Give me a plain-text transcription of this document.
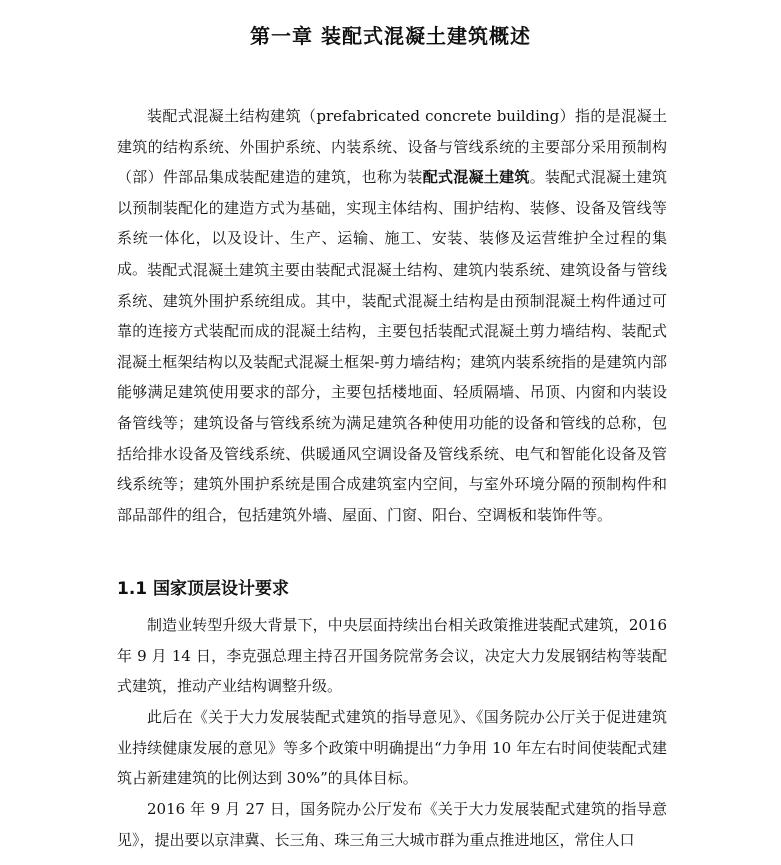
第一章 装配式混凝土建筑概述

装配式混凝土结构建筑（prefabricated concrete building）指的是混凝土建筑的结构系统、外围护系统、内装系统、设备与管线系统的主要部分采用预制构（部）件部品集成装配建造的建筑，也称为装配式混凝土建筑。装配式混凝土建筑以预制装配化的建造方式为基础，实现主体结构、围护结构、装修、设备及管线等系统一体化，以及设计、生产、运输、施工、安装、装修及运营维护全过程的集成。 装配式混凝土建筑主要由装配式混凝土结构、建筑内装系统、建筑设备与管线系统、建筑外围护系统组成。其中，装配式混凝土结构是由预制混凝土构件通过可靠的连接方式装配而成的混凝土结构，主要包括装配式混凝土剪力墙结构、装配式混凝土框架结构以及装配式混凝土框架-剪力墙结构；建筑内装系统指的是建筑内部能够满足建筑使用要求的部分，主要包括楼地面、轻质隔墙、吊顶、内窗和内装设备管线等；建筑设备与管线系统为满足建筑各种使用功能的设备和管线的总称，包括给排水设备及管线系统、供暖通风空调设备及管线系统、电气和智能化设备及管线系统等；建筑外围护系统是围合成建筑室内空间，与室外环境分隔的预制构件和部品部件的组合，包括建筑外墙、屋面、门窗、阳台、空调板和装饰件等。

1.1 国家顶层设计要求

制造业转型升级大背景下，中央层面持续出台相关政策推进装配式建筑，2016 年 9 月 14 日，李克强总理主持召开国务院常务会议，决定大力发展钢结构等装配式建筑，推动产业结构调整升级。

此后在《关于大力发展装配式建筑的指导意见》、《国务院办公厅关于促进建筑业持续健康发展的意见》等多个政策中明确提出“力争用 10 年左右时间使装配式建筑占新建建筑的比例达到 30%”的具体目标。

2016 年 9 月 27 日，国务院办公厅发布《关于大力发展装配式建筑的指导意见》，提出要以京津冀、长三角、珠三角三大城市群为重点推进地区，常住人口
